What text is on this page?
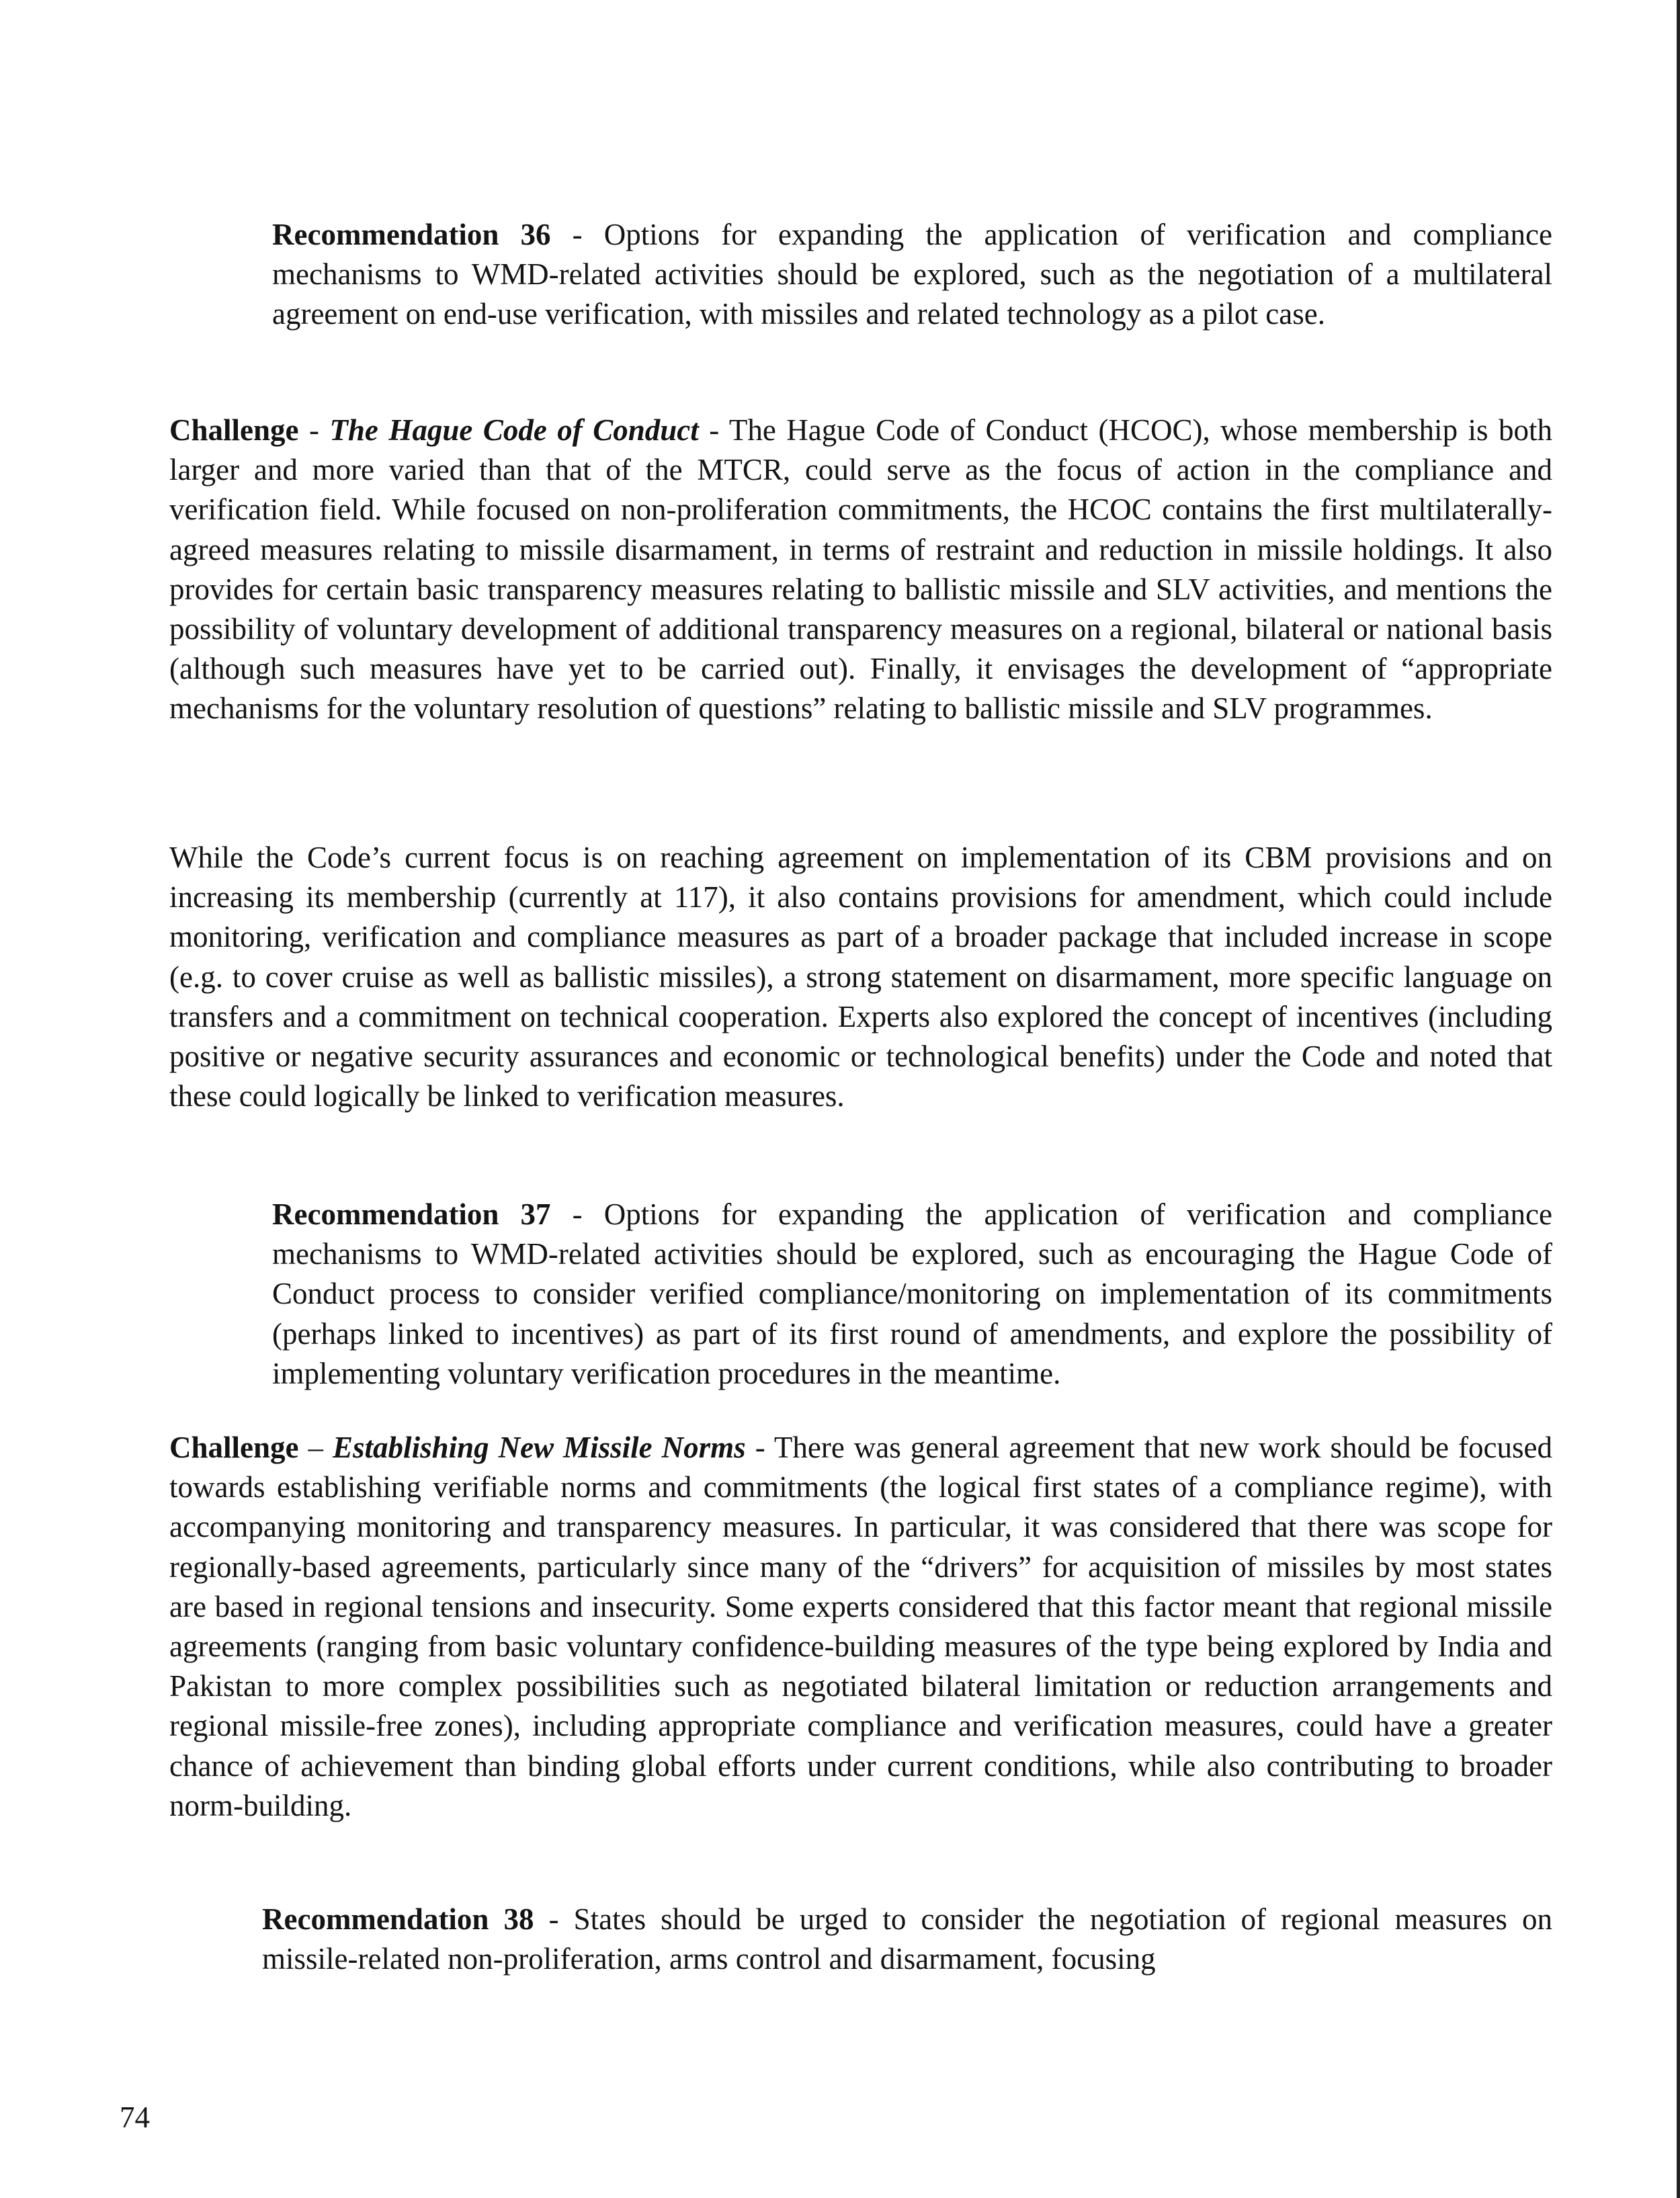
Recommendation 36 - Options for expanding the application of verification and compliance mechanisms to WMD-related activities should be explored, such as the negotiation of a multilateral agreement on end-use verification, with missiles and related technology as a pilot case.

Challenge - The Hague Code of Conduct - The Hague Code of Conduct (HCOC), whose membership is both larger and more varied than that of the MTCR, could serve as the focus of action in the compliance and verification field. While focused on non-proliferation commitments, the HCOC contains the first multilaterally-agreed measures relating to missile disarmament, in terms of restraint and reduction in missile holdings. It also provides for certain basic transparency measures relating to ballistic missile and SLV activities, and mentions the possibility of voluntary development of additional transparency measures on a regional, bilateral or national basis (although such measures have yet to be carried out). Finally, it envisages the development of “appropriate mechanisms for the voluntary resolution of questions” relating to ballistic missile and SLV programmes.

While the Code’s current focus is on reaching agreement on implementation of its CBM provisions and on increasing its membership (currently at 117), it also contains provisions for amendment, which could include monitoring, verification and compliance measures as part of a broader package that included increase in scope (e.g. to cover cruise as well as ballistic missiles), a strong statement on disarmament, more specific language on transfers and a commitment on technical cooperation. Experts also explored the concept of incentives (including positive or negative security assurances and economic or technological benefits) under the Code and noted that these could logically be linked to verification measures.

Recommendation 37 - Options for expanding the application of verification and compliance mechanisms to WMD-related activities should be explored, such as encouraging the Hague Code of Conduct process to consider verified compliance/monitoring on implementation of its commitments (perhaps linked to incentives) as part of its first round of amendments, and explore the possibility of implementing voluntary verification procedures in the meantime.

Challenge – Establishing New Missile Norms - There was general agreement that new work should be focused towards establishing verifiable norms and commitments (the logical first states of a compliance regime), with accompanying monitoring and transparency measures. In particular, it was considered that there was scope for regionally-based agreements, particularly since many of the “drivers” for acquisition of missiles by most states are based in regional tensions and insecurity. Some experts considered that this factor meant that regional missile agreements (ranging from basic voluntary confidence-building measures of the type being explored by India and Pakistan to more complex possibilities such as negotiated bilateral limitation or reduction arrangements and regional missile-free zones), including appropriate compliance and verification measures, could have a greater chance of achievement than binding global efforts under current conditions, while also contributing to broader norm-building.

Recommendation 38 - States should be urged to consider the negotiation of regional measures on missile-related non-proliferation, arms control and disarmament, focusing

74
